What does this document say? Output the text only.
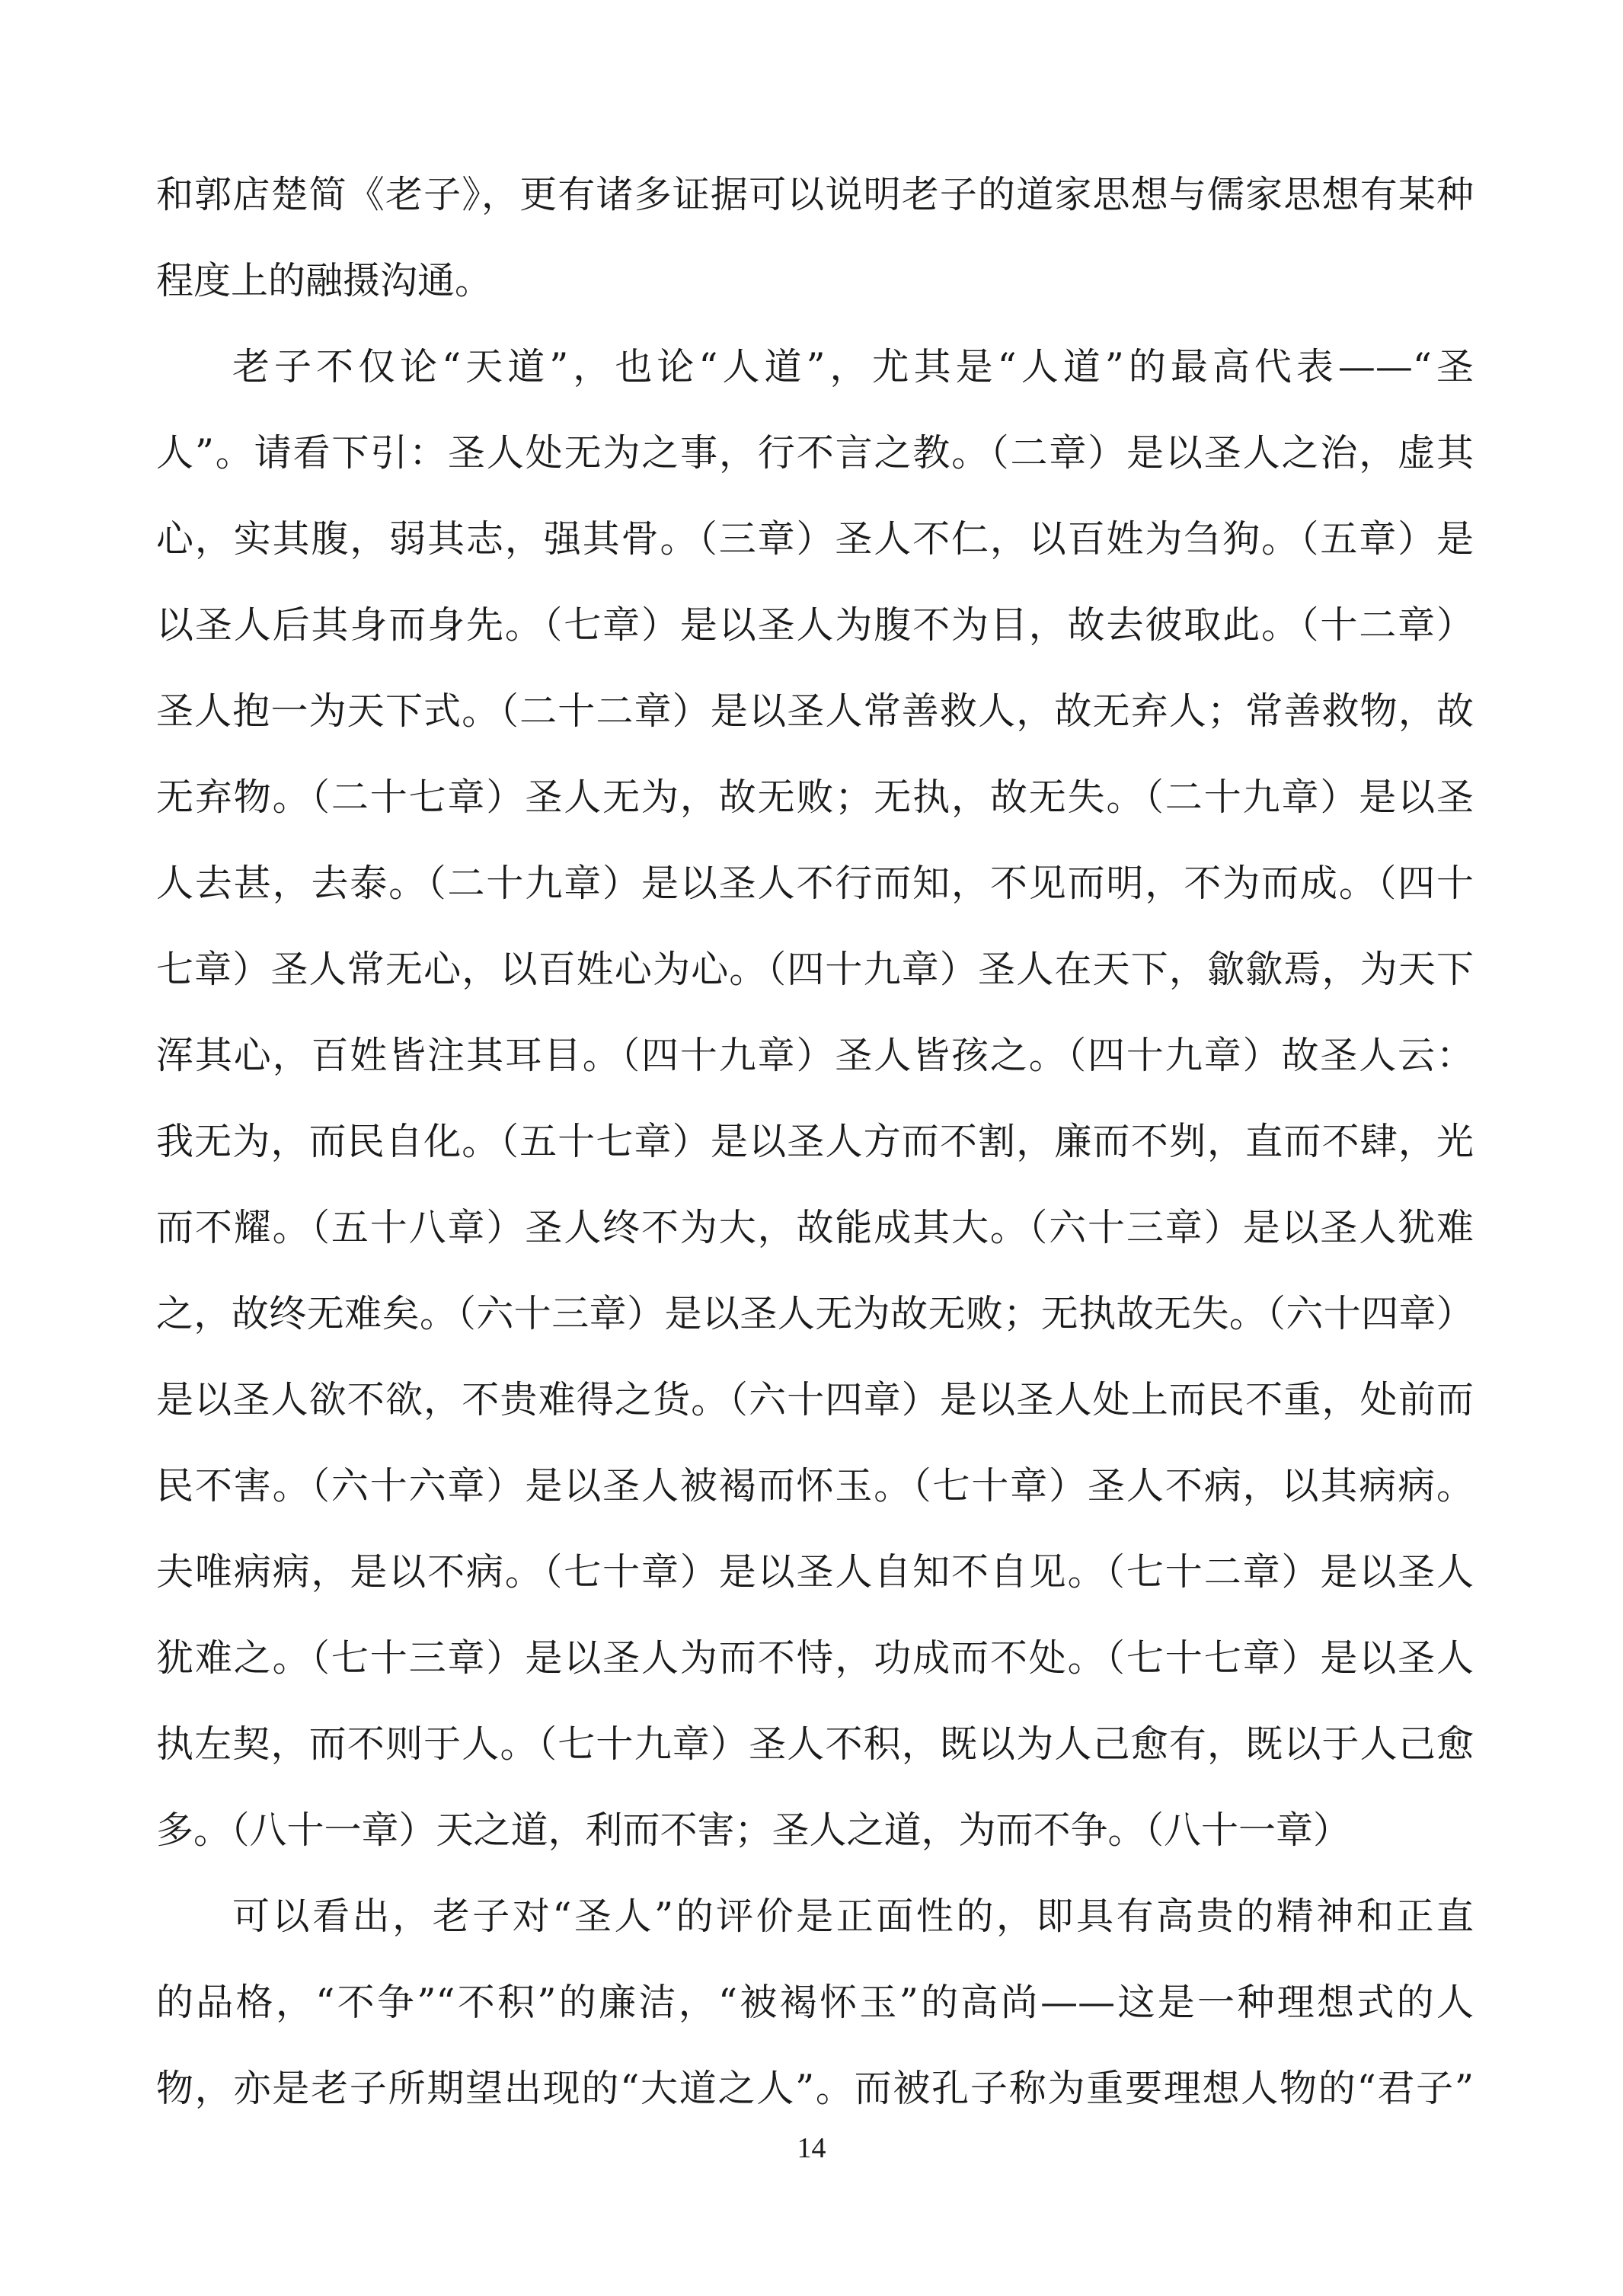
和郭店楚简《老子》，更有诸多证据可以说明老子的道家思想与儒家思想有某种
程度上的融摄沟通。
老子不仅论“天道”，也论“人道”，尤其是“人道”的最高代表——“圣
人”。请看下引：圣人处无为之事，行不言之教。（二章）是以圣人之治，虚其
心，实其腹，弱其志，强其骨。（三章）圣人不仁，以百姓为刍狗。（五章）是
以圣人后其身而身先。（七章）是以圣人为腹不为目，故去彼取此。（十二章）
圣人抱一为天下式。（二十二章）是以圣人常善救人，故无弃人；常善救物，故
无弃物。（二十七章）圣人无为，故无败；无执，故无失。（二十九章）是以圣
人去甚，去泰。（二十九章）是以圣人不行而知，不见而明，不为而成。（四十
七章）圣人常无心，以百姓心为心。（四十九章）圣人在天下，歙歙焉，为天下
浑其心，百姓皆注其耳目。（四十九章）圣人皆孩之。（四十九章）故圣人云：
我无为，而民自化。（五十七章）是以圣人方而不割，廉而不刿，直而不肆，光
而不耀。（五十八章）圣人终不为大，故能成其大。（六十三章）是以圣人犹难
之，故终无难矣。（六十三章）是以圣人无为故无败；无执故无失。（六十四章）
是以圣人欲不欲，不贵难得之货。（六十四章）是以圣人处上而民不重，处前而
民不害。（六十六章）是以圣人被褐而怀玉。（七十章）圣人不病，以其病病。
夫唯病病，是以不病。（七十章）是以圣人自知不自见。（七十二章）是以圣人
犹难之。（七十三章）是以圣人为而不恃，功成而不处。（七十七章）是以圣人
执左契，而不则于人。（七十九章）圣人不积，既以为人己愈有，既以于人己愈
多。（八十一章）天之道，利而不害；圣人之道，为而不争。（八十一章）
可以看出，老子对“圣人”的评价是正面性的，即具有高贵的精神和正直
的品格，“不争”“不积”的廉洁，“被褐怀玉”的高尚——这是一种理想式的人
物，亦是老子所期望出现的“大道之人”。而被孔子称为重要理想人物的“君子”
14
